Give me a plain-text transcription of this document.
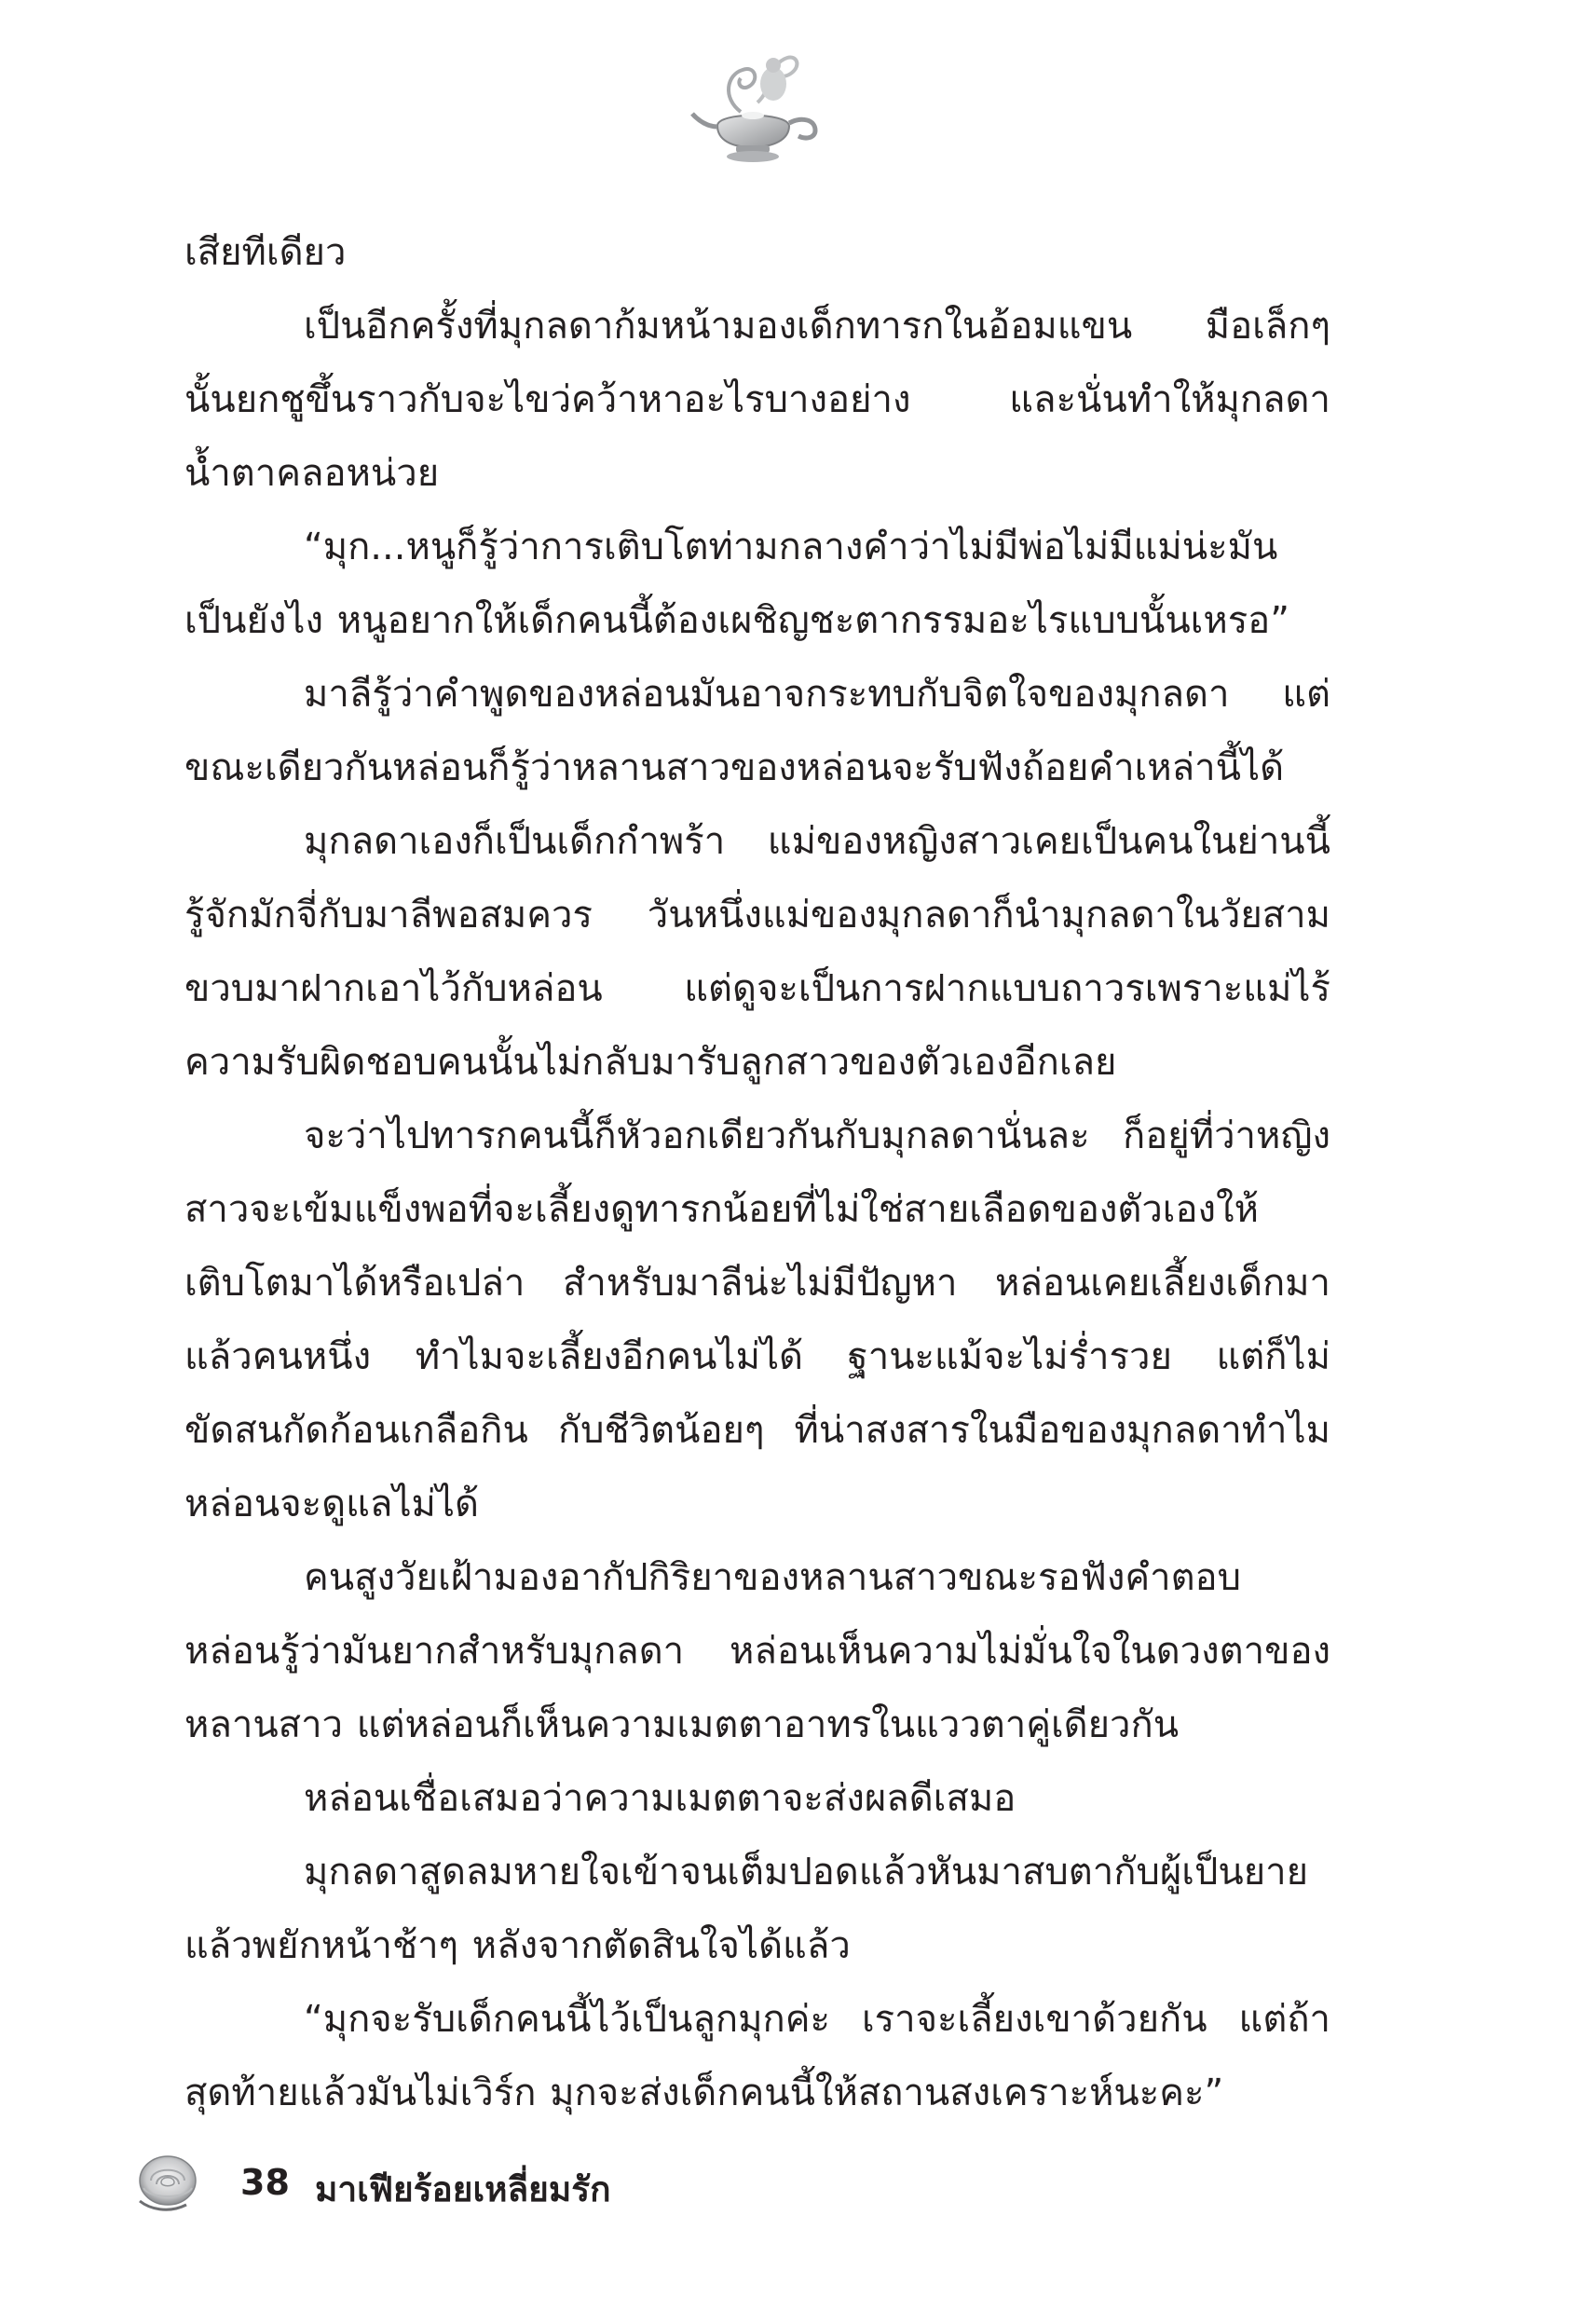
เสียทีเดียว

เป็นอีกครั้งที่มุกลดาก้มหน้ามองเด็กทารกในอ้อมแขน มือเล็กๆ นั้นยกชูขึ้นราวกับจะไขว่คว้าหาอะไรบางอย่าง และนั่นทำให้มุกลดาน้ำตาคลอหน่วย

“มุก...หนูก็รู้ว่าการเติบโตท่ามกลางคำว่าไม่มีพ่อไม่มีแม่น่ะมันเป็นยังไง หนูอยากให้เด็กคนนี้ต้องเผชิญชะตากรรมอะไรแบบนั้นเหรอ”

มาลีรู้ว่าคำพูดของหล่อนมันอาจกระทบกับจิตใจของมุกลดา แต่ขณะเดียวกันหล่อนก็รู้ว่าหลานสาวของหล่อนจะรับฟังถ้อยคำเหล่านี้ได้

มุกลดาเองก็เป็นเด็กกำพร้า แม่ของหญิงสาวเคยเป็นคนในย่านนี้รู้จักมักจี่กับมาลีพอสมควร วันหนึ่งแม่ของมุกลดาก็นำมุกลดาในวัยสามขวบมาฝากเอาไว้กับหล่อน แต่ดูจะเป็นการฝากแบบถาวรเพราะแม่ไร้ความรับผิดชอบคนนั้นไม่กลับมารับลูกสาวของตัวเองอีกเลย

จะว่าไปทารกคนนี้ก็หัวอกเดียวกันกับมุกลดานั่นละ ก็อยู่ที่ว่าหญิงสาวจะเข้มแข็งพอที่จะเลี้ยงดูทารกน้อยที่ไม่ใช่สายเลือดของตัวเองให้เติบโตมาได้หรือเปล่า สำหรับมาลีน่ะไม่มีปัญหา หล่อนเคยเลี้ยงเด็กมาแล้วคนหนึ่ง ทำไมจะเลี้ยงอีกคนไม่ได้ ฐานะแม้จะไม่ร่ำรวย แต่ก็ไม่ขัดสนกัดก้อนเกลือกิน กับชีวิตน้อยๆ ที่น่าสงสารในมือของมุกลดาทำไมหล่อนจะดูแลไม่ได้

คนสูงวัยเฝ้ามองอากัปกิริยาของหลานสาวขณะรอฟังคำตอบ หล่อนรู้ว่ามันยากสำหรับมุกลดา หล่อนเห็นความไม่มั่นใจในดวงตาของหลานสาว แต่หล่อนก็เห็นความเมตตาอาทรในแววตาคู่เดียวกัน

หล่อนเชื่อเสมอว่าความเมตตาจะส่งผลดีเสมอ

มุกลดาสูดลมหายใจเข้าจนเต็มปอดแล้วหันมาสบตากับผู้เป็นยายแล้วพยักหน้าช้าๆ หลังจากตัดสินใจได้แล้ว

“มุกจะรับเด็กคนนี้ไว้เป็นลูกมุกค่ะ เราจะเลี้ยงเขาด้วยกัน แต่ถ้าสุดท้ายแล้วมันไม่เวิร์ก มุกจะส่งเด็กคนนี้ให้สถานสงเคราะห์นะคะ”

38 มาเฟียร้อยเหลี่ยมรัก
